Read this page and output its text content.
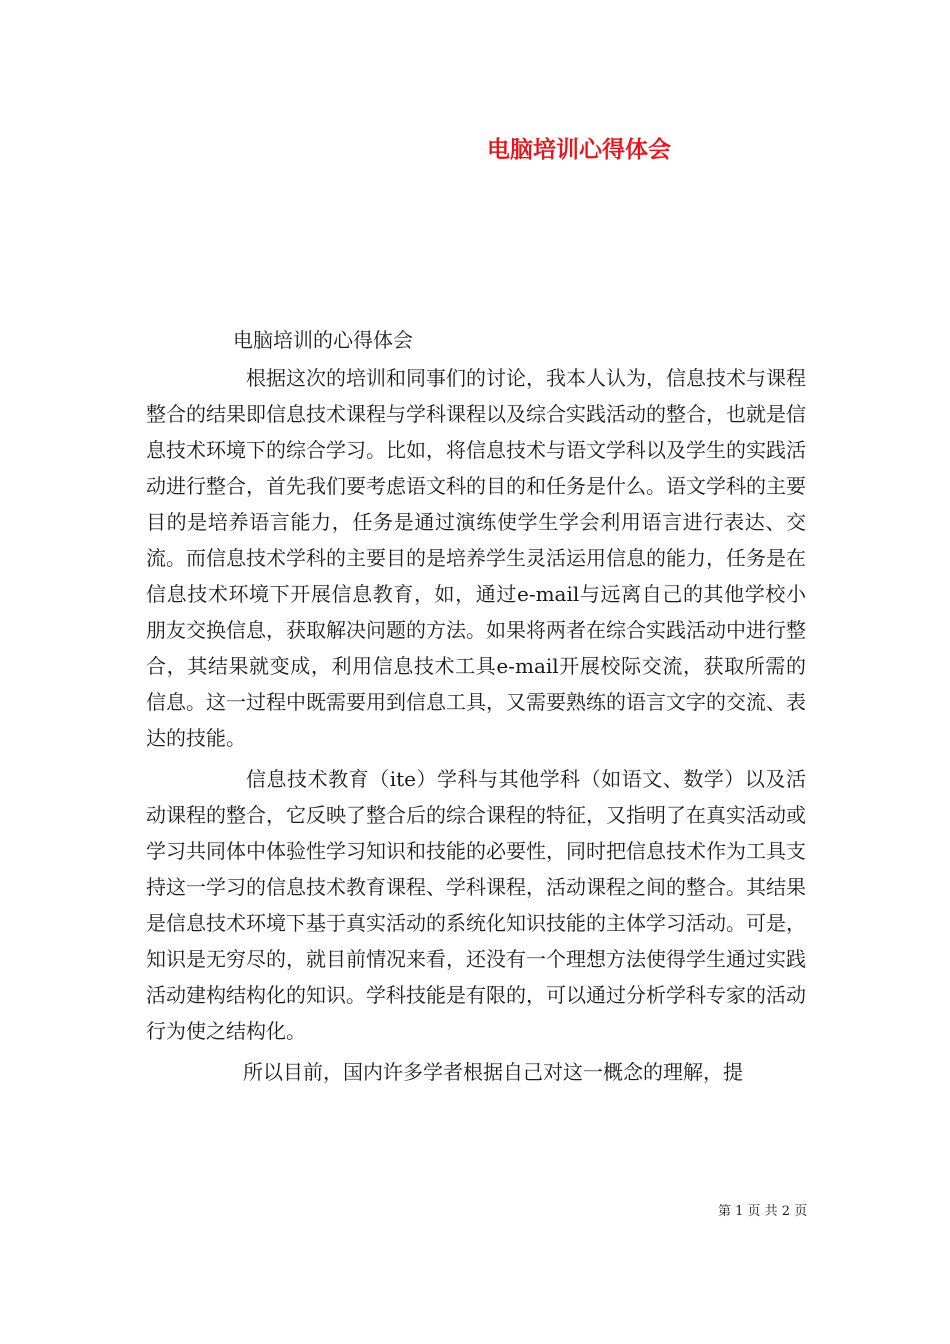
电脑培训心得体会
电脑培训的心得体会

根据这次的培训和同事们的讨论，我本人认为，信息技术与课程整合的结果即信息技术课程与学科课程以及综合实践活动的整合，也就是信息技术环境下的综合学习。比如，将信息技术与语文学科以及学生的实践活动进行整合，首先我们要考虑语文科的目的和任务是什么。语文学科的主要目的是培养语言能力，任务是通过演练使学生学会利用语言进行表达、交流。而信息技术学科的主要目的是培养学生灵活运用信息的能力，任务是在信息技术环境下开展信息教育，如，通过e-mail与远离自己的其他学校小朋友交换信息，获取解决问题的方法。如果将两者在综合实践活动中进行整合，其结果就变成，利用信息技术工具e-mail开展校际交流，获取所需的信息。这一过程中既需要用到信息工具，又需要熟练的语言文字的交流、表达的技能。

信息技术教育（ite）学科与其他学科（如语文、数学）以及活动课程的整合，它反映了整合后的综合课程的特征，又指明了在真实活动或学习共同体中体验性学习知识和技能的必要性，同时把信息技术作为工具支持这一学习的信息技术教育课程、学科课程，活动课程之间的整合。其结果是信息技术环境下基于真实活动的系统化知识技能的主体学习活动。可是，知识是无穷尽的，就目前情况来看，还没有一个理想方法使得学生通过实践活动建构结构化的知识。学科技能是有限的，可以通过分析学科专家的活动行为使之结构化。

所以目前，国内许多学者根据自己对这一概念的理解，提

第 1 页 共 2 页
